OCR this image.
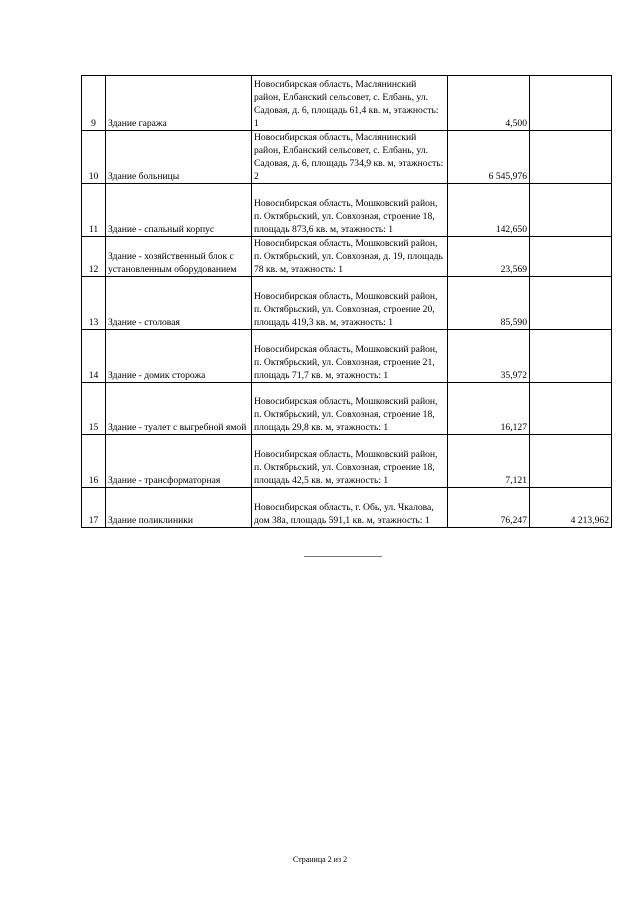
9	Здание гаража	Новосибирская область, Маслянинский район, Елбанский сельсовет, с. Елбань, ул. Садовая, д. 6, площадь 61,4 кв. м, этажность: 1	4,500	
10	Здание больницы	Новосибирская область, Маслянинский район, Елбанский сельсовет, с. Елбань, ул. Садовая, д. 6, площадь 734,9 кв. м, этажность: 2	6 545,976	
11	Здание - спальный корпус	Новосибирская область, Мошковский район, п. Октябрьский, ул. Совхозная, строение 18, площадь 873,6 кв. м, этажность: 1	142,650	
12	Здание - хозяйственный блок с установленным оборудованием	Новосибирская область, Мошковский район, п. Октябрьский, ул. Совхозная, д. 19, площадь 78 кв. м, этажность: 1	23,569	
13	Здание - столовая	Новосибирская область, Мошковский район, п. Октябрьский, ул. Совхозная, строение 20, площадь 419,3 кв. м, этажность: 1	85,590	
14	Здание - домик сторожа	Новосибирская область, Мошковский район, п. Октябрьский, ул. Совхозная, строение 21, площадь 71,7 кв. м, этажность: 1	35,972	
15	Здание - туалет с выгребной ямой	Новосибирская область, Мошковский район, п. Октябрьский, ул. Совхозная, строение 18, площадь 29,8 кв. м, этажность: 1	16,127	
16	Здание - трансформаторная	Новосибирская область, Мошковский район, п. Октябрьский, ул. Совхозная, строение 18, площадь 42,5 кв. м, этажность: 1	7,121	
17	Здание поликлиники	Новосибирская область, г. Обь, ул. Чкалова, дом 38а, площадь 591,1 кв. м, этажность: 1	76,247	4 213,962
Страница 2 из 2
